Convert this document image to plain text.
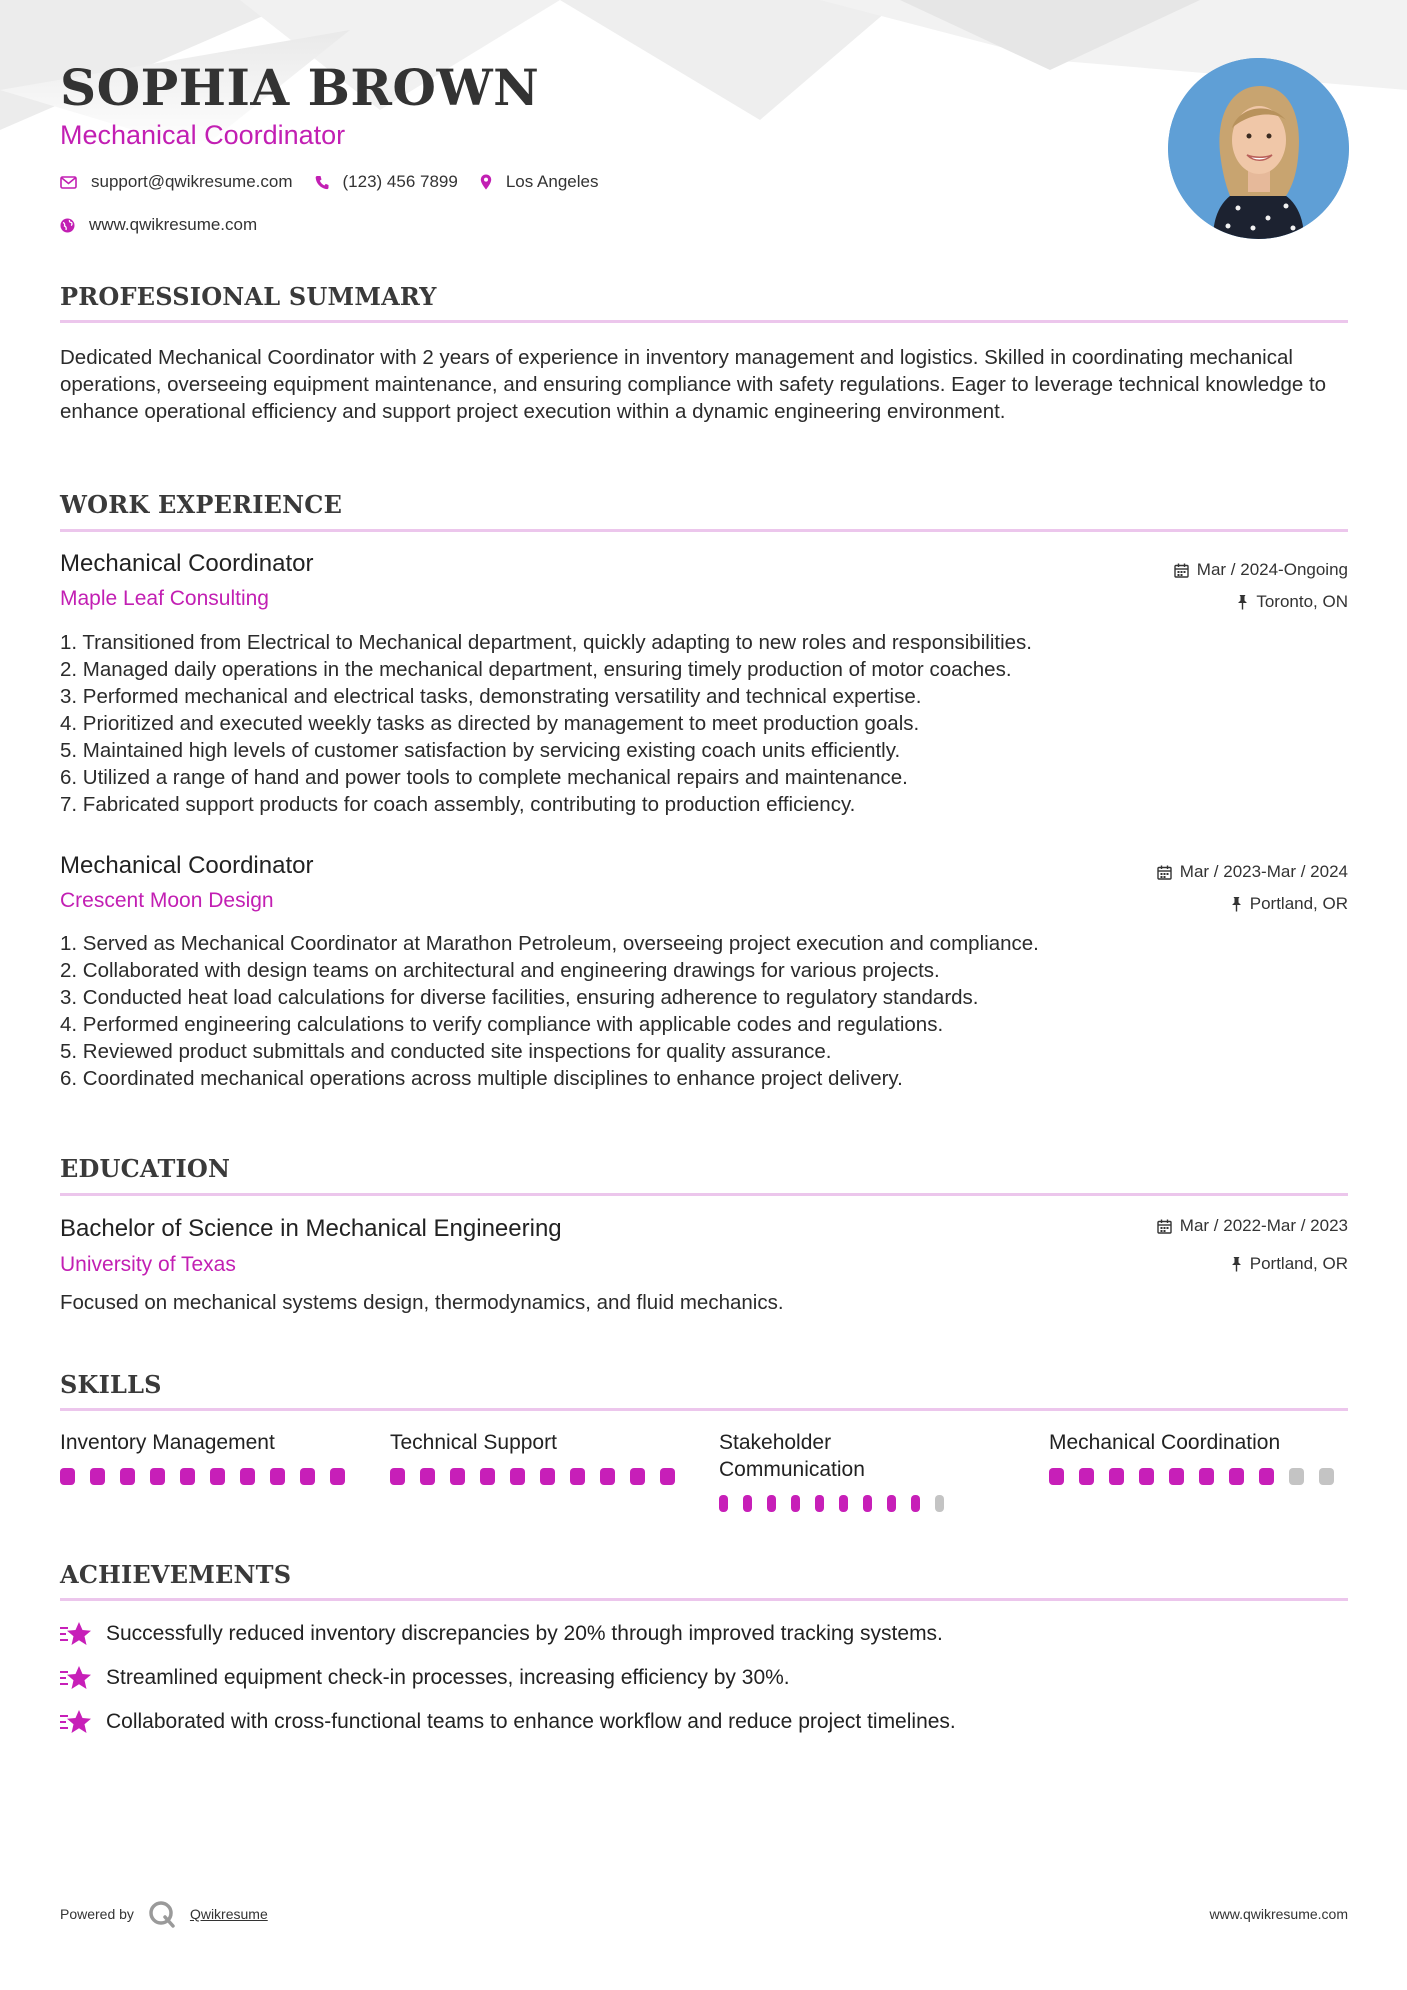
SOPHIA BROWN
Mechanical Coordinator
support@qwikresume.com	(123) 456 7899	Los Angeles
www.qwikresume.com
PROFESSIONAL SUMMARY
Dedicated Mechanical Coordinator with 2 years of experience in inventory management and logistics. Skilled in coordinating mechanical operations, overseeing equipment maintenance, and ensuring compliance with safety regulations. Eager to leverage technical knowledge to enhance operational efficiency and support project execution within a dynamic engineering environment.
WORK EXPERIENCE
Mechanical Coordinator	Mar / 2024-Ongoing
Maple Leaf Consulting	Toronto, ON
1. Transitioned from Electrical to Mechanical department, quickly adapting to new roles and responsibilities.
2. Managed daily operations in the mechanical department, ensuring timely production of motor coaches.
3. Performed mechanical and electrical tasks, demonstrating versatility and technical expertise.
4. Prioritized and executed weekly tasks as directed by management to meet production goals.
5. Maintained high levels of customer satisfaction by servicing existing coach units efficiently.
6. Utilized a range of hand and power tools to complete mechanical repairs and maintenance.
7. Fabricated support products for coach assembly, contributing to production efficiency.
Mechanical Coordinator	Mar / 2023-Mar / 2024
Crescent Moon Design	Portland, OR
1. Served as Mechanical Coordinator at Marathon Petroleum, overseeing project execution and compliance.
2. Collaborated with design teams on architectural and engineering drawings for various projects.
3. Conducted heat load calculations for diverse facilities, ensuring adherence to regulatory standards.
4. Performed engineering calculations to verify compliance with applicable codes and regulations.
5. Reviewed product submittals and conducted site inspections for quality assurance.
6. Coordinated mechanical operations across multiple disciplines to enhance project delivery.
EDUCATION
Bachelor of Science in Mechanical Engineering	Mar / 2022-Mar / 2023
University of Texas	Portland, OR
Focused on mechanical systems design, thermodynamics, and fluid mechanics.
SKILLS
Inventory Management	Technical Support	Stakeholder Communication
Mechanical Coordination
ACHIEVEMENTS
Successfully reduced inventory discrepancies by 20% through improved tracking systems.
Streamlined equipment check-in processes, increasing efficiency by 30%.
Collaborated with cross-functional teams to enhance workflow and reduce project timelines.
Powered by	Qwikresume	www.qwikresume.com
